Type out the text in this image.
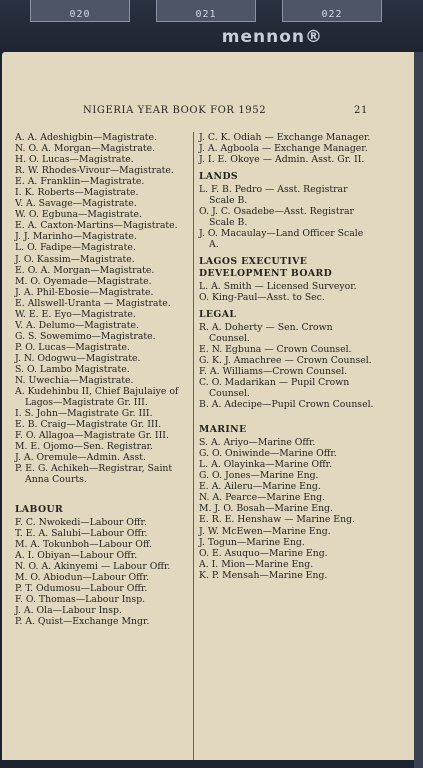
020	021	022
mennon®
NIGERIA YEAR BOOK FOR 1952	21

A. A. Adeshigbin—Magistrate.

N. O. A. Morgan—Magistrate.

H. O. Lucas—Magistrate.

R. W. Rhodes-Vivour—Magistrate.

E. A. Franklin—Magistrate.

I. K. Roberts—Magistrate.

V. A. Savage—Magistrate.

W. O. Egbuna—Magistrate.

E. A. Caxton-Martins—Magistrate.

J. J. Marinho—Magistrate.

L. O. Fadipe—Magistrate.

J. O. Kassim—Magistrate.

E. O. A. Morgan—Magistrate.

M. O. Oyemade—Magistrate.

J. A. Phil-Ebosie—Magistrate.

E. Allswell-Uranta — Magistrate.

W. E. E. Eyo—Magistrate.

V. A. Delumo—Magistrate.

G. S. Sowemimo—Magistrate.

P. O. Lucas—Magistrate.

J. N. Odogwu—Magistrate.

S. O. Lambo Magistrate.

N. Uwechia—Magistrate.

A. Kudehinbu II, Chief Bajulaiye of Lagos—Magistrate Gr. III.

I. S. John—Magistrate Gr. III.

E. B. Craig—Magistrate Gr. III.

F. O. Allagoa—Magistrate Gr. III.

M. E. Ojomo—Sen. Registrar.

J. A. Oremule—Admin. Asst.

P. E. G. Achikeh—Registrar, Saint Anna Courts.

LABOUR

F. C. Nwokedi—Labour Offr.

T. E. A. Salubi—Labour Offr.

M. A. Tokunboh—Labour Off.

A. I. Obiyan—Labour Offr.

N. O. A. Akinyemi — Labour Offr.

M. O. Abiodun—Labour Offr.

P. T. Odumosu—Labour Offr.

F. O. Thomas—Labour Insp.

J. A. Ola—Labour Insp.

P. A. Quist—Exchange Mngr.

J. C. K. Odiah — Exchange Manager.

J. A. Agboola — Exchange Manager.

J. I. E. Okoye — Admin. Asst. Gr. II.

LANDS

L. F. B. Pedro — Asst. Registrar Scale B.

O. J. C. Osadebe—Asst. Registrar Scale B.

J. O. Macaulay—Land Officer Scale A.

LAGOS EXECUTIVE
DEVELOPMENT BOARD

L. A. Smith — Licensed Surveyor.

O. King-Paul—Asst. to Sec.

LEGAL

R. A. Doherty — Sen. Crown Counsel.

E. N. Egbuna — Crown Counsel.

G. K. J. Amachree — Crown Counsel.

F. A. Williams—Crown Counsel.

C. O. Madarikan — Pupil Crown Counsel.

B. A. Adecipe—Pupil Crown Counsel.

MARINE

S. A. Ariyo—Marine Offr.

G. O. Oniwinde—Marine Offr.

L. A. Olayinka—Marine Offr.

G. O. Jones—Marine Eng.

E. A. Aileru—Marine Eng.

N. A. Pearce—Marine Eng.

M. J. O. Bosah—Marine Eng.

E. R. E. Henshaw — Marine Eng.

J. W. McEwen—Marine Eng.

J. Togun—Marine Eng.

O. E. Asuquo—Marine Eng.

A. I. Mion—Marine Eng.

K. P. Mensah—Marine Eng.
